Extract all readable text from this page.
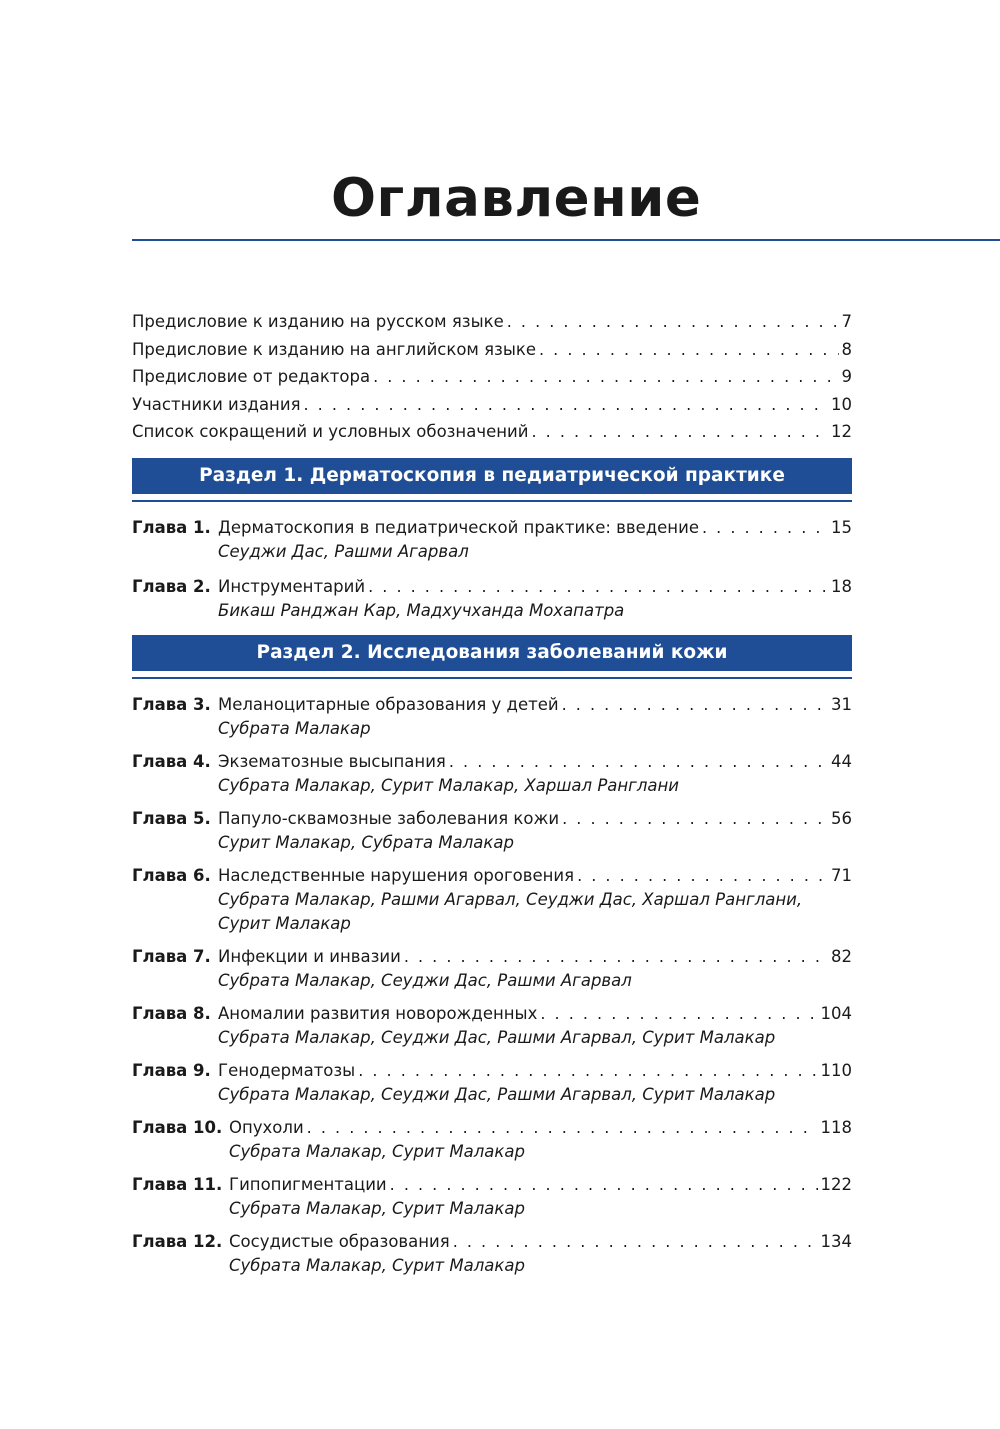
Оглавление
Предисловие к изданию на русском языке . . .	7
Предисловие к изданию на английском языке . . .	8
Предисловие от редактора . . .	9
Участники издания . . .	10
Список сокращений и условных обозначений . . .	12
Раздел 1. Дерматоскопия в педиатрической практике
Глава 1. Дерматоскопия в педиатрической практике: введение . . .	15
Сеуджи Дас, Рашми Агарвал
Глава 2. Инструментарий . . .	18
Бикаш Ранджан Кар, Мадхучханда Мохапатра
Раздел 2. Исследования заболеваний кожи
Глава 3. Меланоцитарные образования у детей . . .	31
Субрата Малакар
Глава 4. Экзематозные высыпания . . .	44
Субрата Малакар, Сурит Малакар, Харшал Ранглани
Глава 5. Папуло-сквамозные заболевания кожи . . .	56
Сурит Малакар, Субрата Малакар
Глава 6. Наследственные нарушения ороговения . . .	71
Субрата Малакар, Рашми Агарвал, Сеуджи Дас, Харшал Ранглани, Сурит Малакар
Глава 7. Инфекции и инвазии . . .	82
Субрата Малакар, Сеуджи Дас, Рашми Агарвал
Глава 8. Аномалии развития новорожденных . . .	104
Субрата Малакар, Сеуджи Дас, Рашми Агарвал, Сурит Малакар
Глава 9. Генодерматозы . . .	110
Субрата Малакар, Сеуджи Дас, Рашми Агарвал, Сурит Малакар
Глава 10. Опухоли . . .	118
Субрата Малакар, Сурит Малакар
Глава 11. Гипопигментации . . .	122
Субрата Малакар, Сурит Малакар
Глава 12. Сосудистые образования . . .	134
Субрата Малакар, Сурит Малакар
